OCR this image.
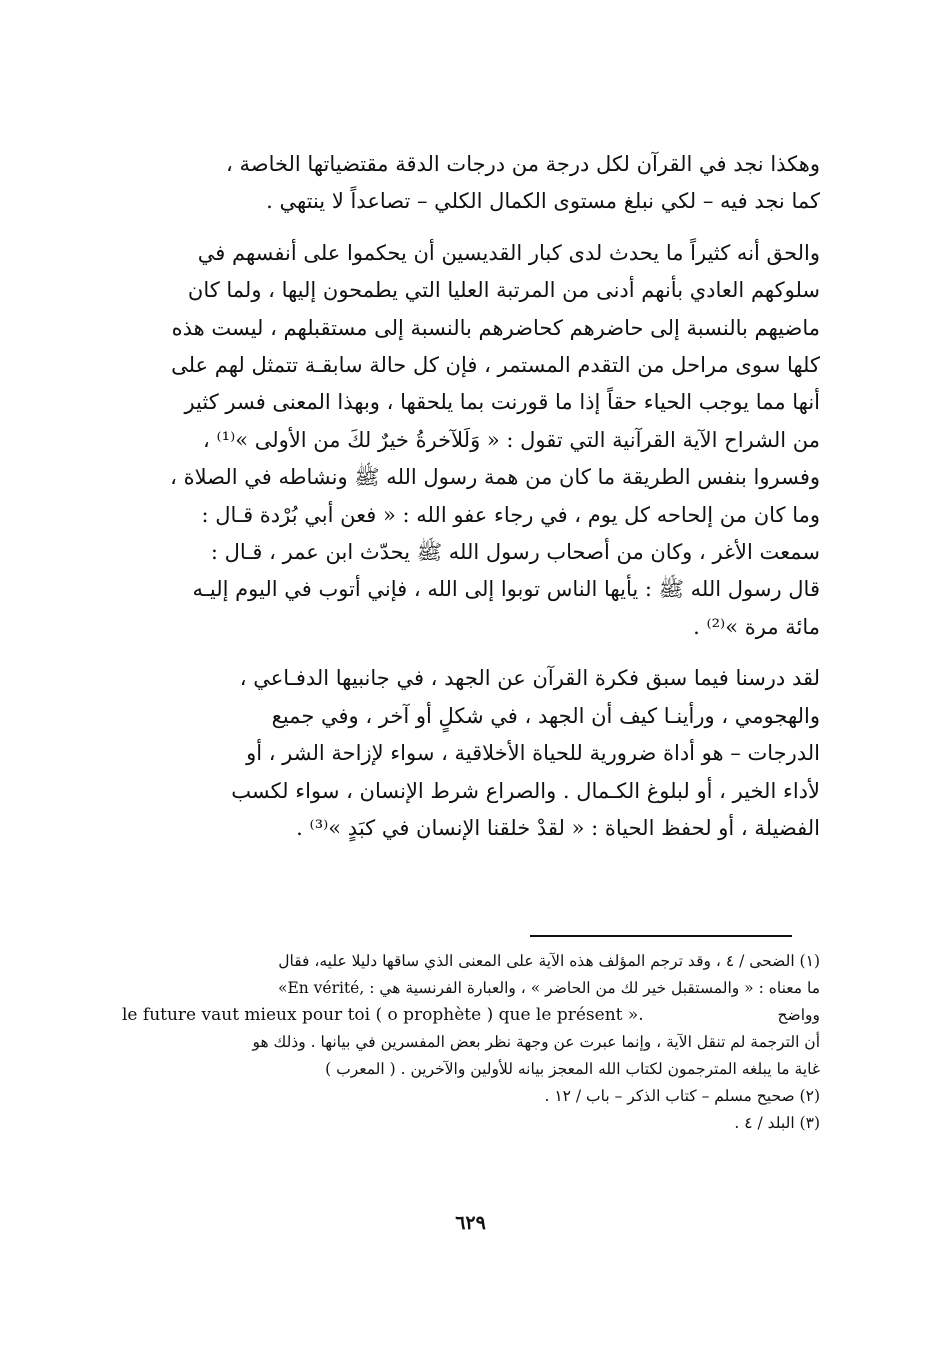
وهكذا نجد في القرآن لكل درجة من درجات الدقة مقتضياتها الخاصة ،
كما نجد فيه – لكي نبلغ مستوى الكمال الكلي – تصاعداً لا ينتهي .

والحق أنه كثيراً ما يحدث لدى كبار القديسين أن يحكموا على أنفسهم في
سلوكهم العادي بأنهم أدنى من المرتبة العليا التي يطمحون إليها ، ولما كان
ماضيهم بالنسبة إلى حاضرهم كحاضرهم بالنسبة إلى مستقبلهم ، ليست هذه
كلها سوى مراحل من التقدم المستمر ، فإن كل حالة سابقـة تتمثل لهم على
أنها مما يوجب الحياء حقاً إذا ما قورنت بما يلحقها ، وبهذا المعنى فسر كثير
من الشراح الآية القرآنية التي تقول : « وَلَلآخرةُ خيرٌ لكَ من الأولى »⁽¹⁾ ،
وفسروا بنفس الطريقة ما كان من همة رسول الله ﷺ ونشاطه في الصلاة ،
وما كان من إلحاحه كل يوم ، في رجاء عفو الله : « فعن أبي بُرْدة قـال :
سمعت الأغر ، وكان من أصحاب رسول الله ﷺ يحدّث ابن عمر ، قـال :
قال رسول الله ﷺ : يأيها الناس توبوا إلى الله ، فإني أتوب في اليوم إليـه
مائة مرة »⁽²⁾ .

لقد درسنا فيما سبق فكرة القرآن عن الجهد ، في جانبيها الدفـاعي ،
والهجومي ، ورأينـا كيف أن الجهد ، في شكلٍ أو آخر ، وفي جميع
الدرجات – هو أداة ضرورية للحياة الأخلاقية ، سواء لإزاحة الشر ، أو
لأداء الخير ، أو لبلوغ الكـمال . والصراع شرط الإنسان ، سواء لكسب
الفضيلة ، أو لحفظ الحياة : « لقدْ خلقنا الإنسان في كبَدٍ »⁽³⁾ .

(١) الضحى / ٤ ، وقد ترجم المؤلف هذه الآية على المعنى الذي ساقها دليلا عليه، فقال
ما معناه : « والمستقبل خير لك من الحاضر » ، والعبارة الفرنسية هي : ,En vérité»
وواضح
le future vaut mieux pour toi ( o prophète ) que le présent ».
أن الترجمة لم تنقل الآية ، وإنما عبرت عن وجهة نظر بعض المفسرين في بيانها . وذلك هو
غاية ما يبلغه المترجمون لكتاب الله المعجز بيانه للأولين والآخرين . ( المعرب )
(٢) صحيح مسلم – كتاب الذكر – باب / ١٢ .
(٣) البلد / ٤ .
٦٢٩
